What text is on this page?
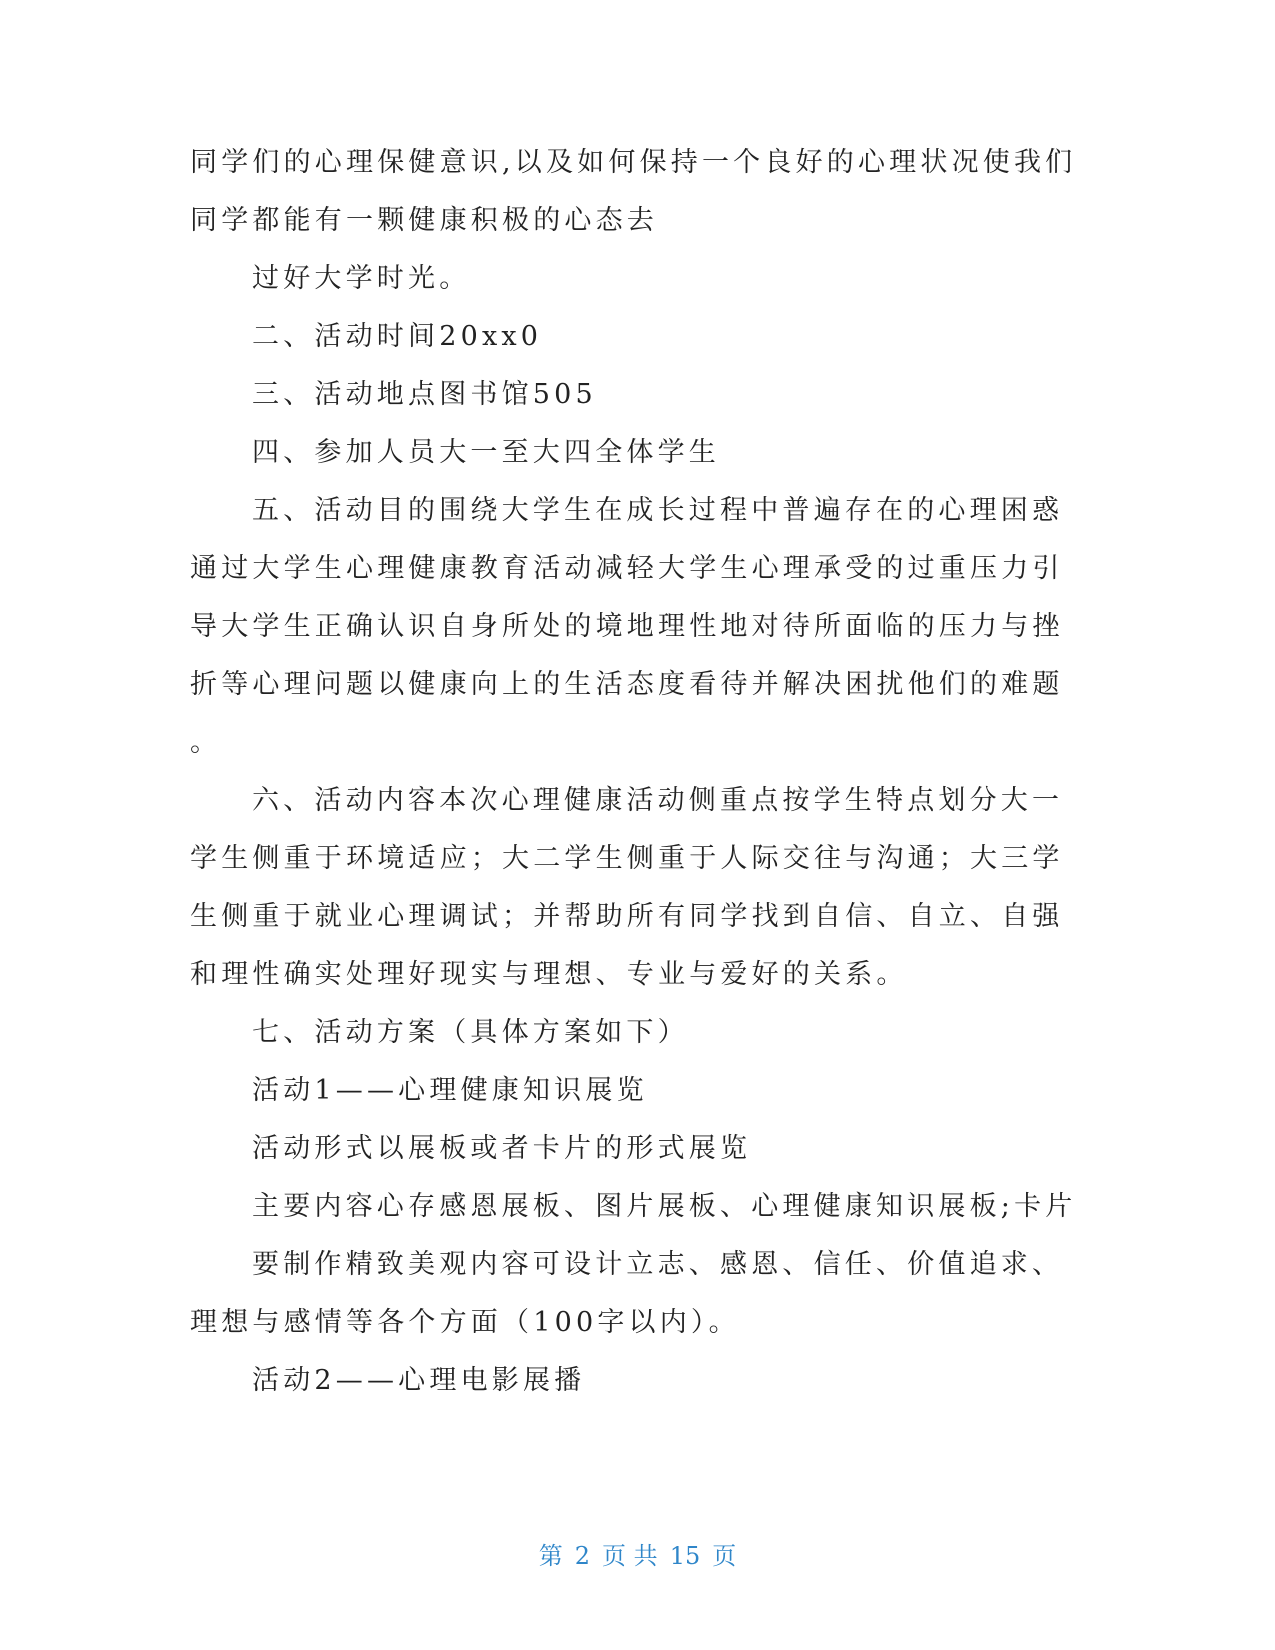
同学们的心理保健意识,以及如何保持一个良好的心理状况使我们
同学都能有一颗健康积极的心态去
过好大学时光。
二、活动时间20xx0
三、活动地点图书馆505
四、参加人员大一至大四全体学生
五、活动目的围绕大学生在成长过程中普遍存在的心理困惑
通过大学生心理健康教育活动减轻大学生心理承受的过重压力引
导大学生正确认识自身所处的境地理性地对待所面临的压力与挫
折等心理问题以健康向上的生活态度看待并解决困扰他们的难题
。
六、活动内容本次心理健康活动侧重点按学生特点划分大一
学生侧重于环境适应；大二学生侧重于人际交往与沟通；大三学
生侧重于就业心理调试；并帮助所有同学找到自信、自立、自强
和理性确实处理好现实与理想、专业与爱好的关系。
七、活动方案（具体方案如下）
活动1——心理健康知识展览
活动形式以展板或者卡片的形式展览
主要内容心存感恩展板、图片展板、心理健康知识展板;卡片
要制作精致美观内容可设计立志、感恩、信任、价值追求、
理想与感情等各个方面（100字以内）。
活动2——心理电影展播
第 2 页 共 15 页
